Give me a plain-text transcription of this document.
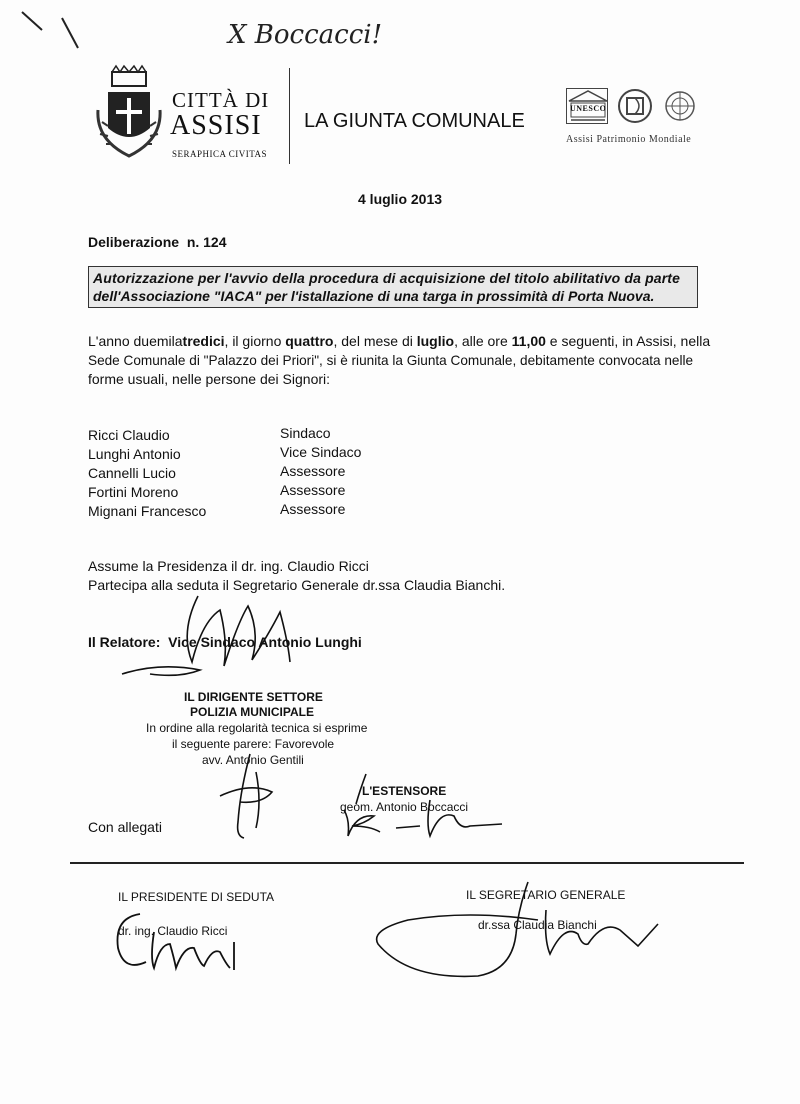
X Boccacci!
CITTÀ DI
ASSISI
SERAPHICA CIVITAS
LA GIUNTA COMUNALE
UNESCO
Assisi Patrimonio Mondiale
4 luglio 2013
Deliberazione n. 124
Autorizzazione per l'avvio della procedura di acquisizione del titolo abilitativo da parte
dell'Associazione "IACA" per l'istallazione di una targa in prossimità di Porta Nuova.
L'anno duemilatredici, il giorno quattro, del mese di luglio, alle ore 11,00 e seguenti, in Assisi, nella
Sede Comunale di "Palazzo dei Priori", si è riunita la Giunta Comunale, debitamente convocata nelle
forme usuali, nelle persone dei Signori:
Ricci Claudio	Sindaco
Lunghi Antonio	Vice Sindaco
Cannelli Lucio	Assessore
Fortini Moreno	Assessore
Mignani Francesco	Assessore
Assume la Presidenza il dr. ing. Claudio Ricci
Partecipa alla seduta il Segretario Generale dr.ssa Claudia Bianchi.
Il Relatore: Vice Sindaco Antonio Lunghi
IL DIRIGENTE SETTORE
POLIZIA MUNICIPALE
In ordine alla regolarità tecnica si esprime
il seguente parere: Favorevole
avv. Antonio Gentili
L'ESTENSORE
geom. Antonio Boccacci
Con allegati
IL PRESIDENTE DI SEDUTA
dr. ing. Claudio Ricci
IL SEGRETARIO GENERALE
dr.ssa Claudia Bianchi
